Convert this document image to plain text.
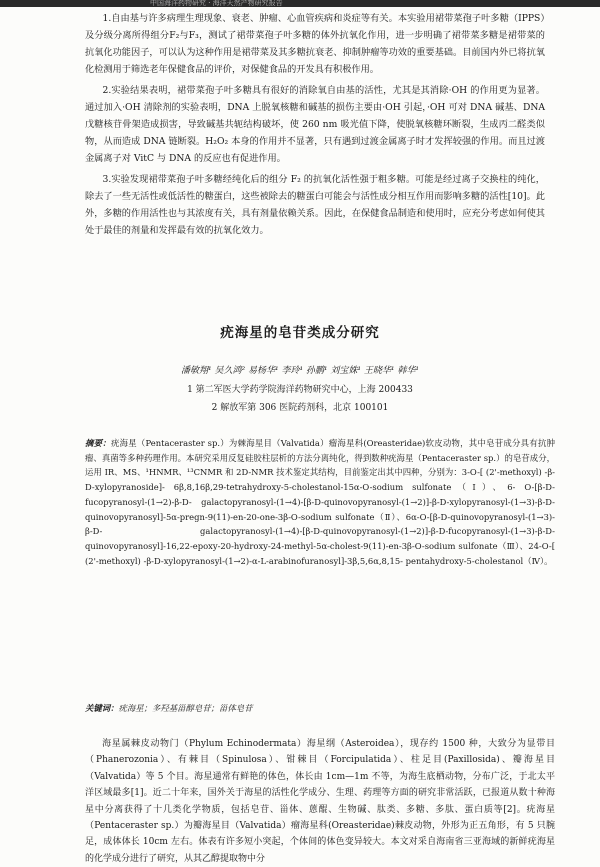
中国海洋药物研究 · 海洋天然产物研究报告

1.自由基与许多病理生理现象、衰老、肿瘤、心血管疾病和炎症等有关。本实验用裙带菜孢子叶多糖（IPPS）及分级分离所得组分F₂与F₃，测试了裙带菜孢子叶多糖的体外抗氧化作用，进一步明确了裙带菜多糖是裙带菜的抗氧化功能因子，可以认为这种作用是裙带菜及其多糖抗衰老、抑制肿瘤等功效的重要基础。目前国内外已将抗氧化检测用于筛选老年保健食品的评价，对保健食品的开发具有积极作用。

2.实验结果表明，裙带菜孢子叶多糖具有很好的消除氧自由基的活性，尤其是其消除·OH 的作用更为显著。通过加入·OH 清除剂的实验表明，DNA 上脱氧核糖和碱基的损伤主要由·OH 引起，·OH 可对 DNA 碱基、DNA 戊糖核苷骨架造成损害，导致碱基共轭结构破坏，使 260 nm 吸光值下降，使脱氧核糖环断裂，生成丙二醛类似物，从而造成 DNA 链断裂。H₂O₂ 本身的作用并不显著，只有遇到过渡金属离子时才发挥较强的作用。而且过渡金属离子对 VitC 与 DNA 的反应也有促进作用。

3.实验发现裙带菜孢子叶多糖经纯化后的组分 F₂ 的抗氧化活性强于粗多糖。可能是经过离子交换柱的纯化，除去了一些无活性或低活性的糖蛋白，这些被除去的糖蛋白可能会与活性成分相互作用而影响多糖的活性[10]。此外，多糖的作用活性也与其浓度有关，具有剂量依赖关系。因此，在保健食品制造和使用时，应充分考虑如何使其处于最佳的剂量和发挥最有效的抗氧化效力。

疣海星的皂苷类成分研究
潘敏翔¹ 吴久鸿² 易杨华¹ 李玲¹ 孙鹏¹ 刘宝姝¹ 王晓华¹ 韩华¹
1 第二军医大学药学院海洋药物研究中心，上海 200433
2 解放军第 306 医院药剂科，北京 100101
摘要：疣海星（Pentaceraster sp.）为棘海星目（Valvatida）瘤海星科(Oreasteridae)软皮动物，其中皂苷成分具有抗肿瘤、真菌等多种药理作用。本研究采用反复硅胶柱层析的方法分离纯化，得到数种疣海星（Pentaceraster sp.）的皂苷成分，运用 IR、MS、¹HNMR、¹³CNMR 和 2D-NMR 技术鉴定其结构，目前鉴定出其中四种，分别为：3-O-[ (2'-methoxyl) -β-D-xylopyranoside]- 6β,8,16β,29-tetrahydroxy-5-cholestanol-15α-O-sodium sulfonate（Ⅰ）、6- O-[β-D-fucopyranosyl-(1→2)-β-D- galactopyranosyl-(1→4)-[β-D-quinovopyranosyl-(1→2)]-β-D-xylopyranosyl-(1→3)-β-D-quinovopyranosyl]-5α-pregn-9(11)-en-20-one-3β-O-sodium sulfonate（Ⅱ）、6α-O-[β-D-quinovopyranosyl-(1→3)-β-D- galactopyranosyl-(1→4)-[β-D-quinovopyranosyl-(1→2)]-β-D-fucopyranosyl-(1→3)-β-D-quinovopyranosyl]-16,22-epoxy-20-hydroxy-24-methyl-5α-cholest-9(11)-en-3β-O-sodium sulfonate（Ⅲ）、24-O-[ (2'-methoxyl) -β-D-xylopyranosyl-(1→2)-α-L-arabinofuranosyl]-3β,5,6α,8,15- pentahydroxy-5-cholestanol（Ⅳ）。
关键词：疣海星；多羟基甾醇皂苷；甾体皂苷

海星属棘皮动物门（Phylum Echinodermata）海星纲（Asteroidea），现存约 1500 种，大致分为显带目（Phanerozonia）、有棘目（Spinulosa）、钳棘目（Forcipulatida）、柱足目(Paxillosida)、瓣海星目（Valvatida）等 5 个目。海星通常有鲜艳的体色，体长由 1cm—1m 不等，为海生底栖动物，分布广泛，于北太平洋区域最多[1]。近二十年来，国外关于海星的活性化学成分、生理、药理等方面的研究非常活跃，已报道从数十种海星中分离获得了十几类化学物质，包括皂苷、甾体、蒽醌、生物碱、肽类、多糖、多肽、蛋白质等[2]。疣海星（Pentaceraster sp.）为瓣海星目（Valvatida）瘤海星科(Oreasteridae)棘皮动物，外形为正五角形，有 5 只腕足，成体体长 10cm 左右。体表有许多短小突起，个体间的体色变异较大。本文对采自海南省三亚海域的新鲜疣海星的化学成分进行了研究，从其乙醇提取物中分
